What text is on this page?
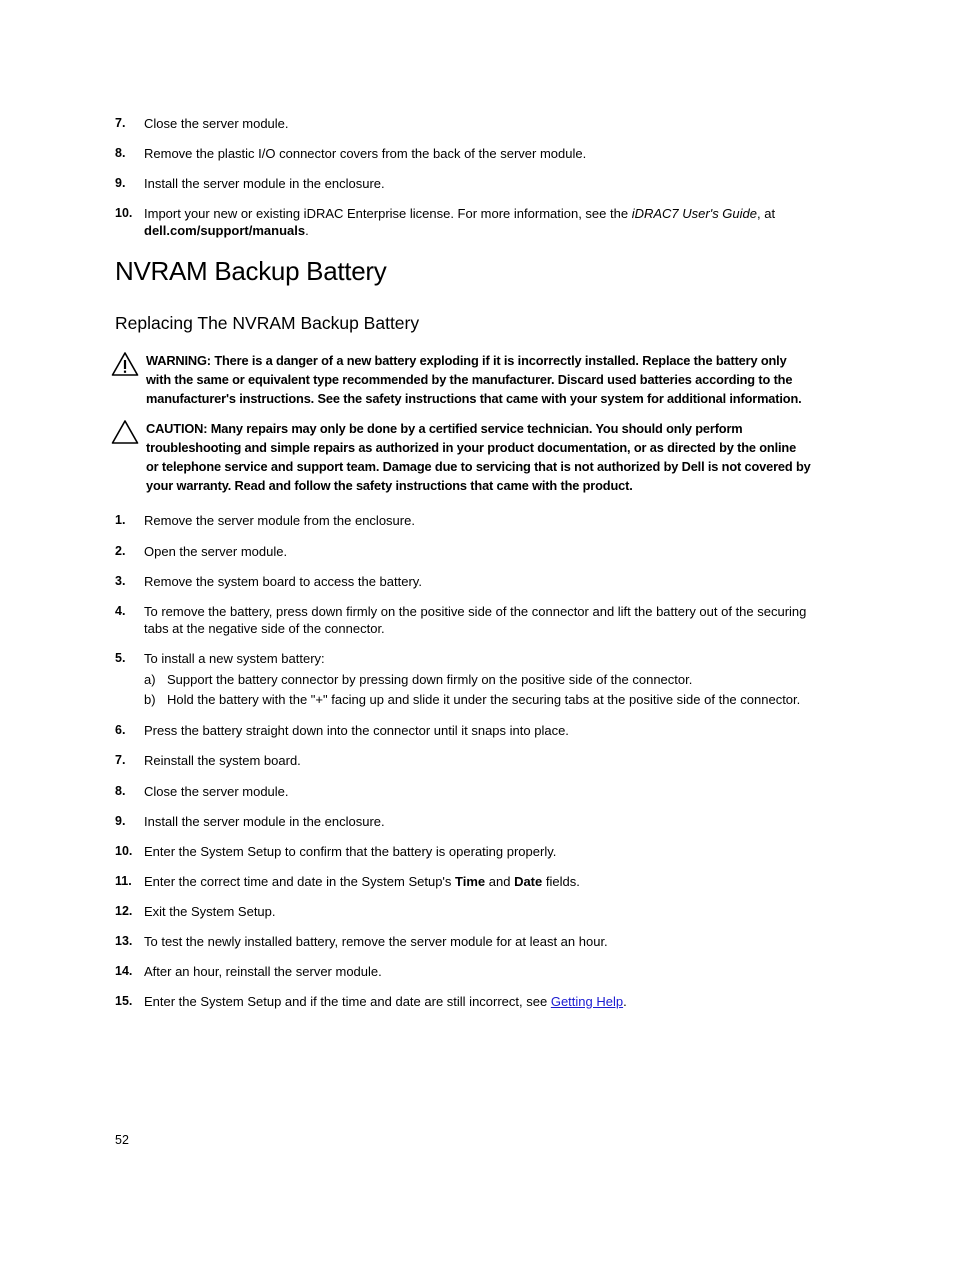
7. Close the server module.
8. Remove the plastic I/O connector covers from the back of the server module.
9. Install the server module in the enclosure.
10. Import your new or existing iDRAC Enterprise license. For more information, see the iDRAC7 User's Guide, at dell.com/support/manuals.
NVRAM Backup Battery
Replacing The NVRAM Backup Battery
WARNING: There is a danger of a new battery exploding if it is incorrectly installed. Replace the battery only with the same or equivalent type recommended by the manufacturer. Discard used batteries according to the manufacturer's instructions. See the safety instructions that came with your system for additional information.
CAUTION: Many repairs may only be done by a certified service technician. You should only perform troubleshooting and simple repairs as authorized in your product documentation, or as directed by the online or telephone service and support team. Damage due to servicing that is not authorized by Dell is not covered by your warranty. Read and follow the safety instructions that came with the product.
1. Remove the server module from the enclosure.
2. Open the server module.
3. Remove the system board to access the battery.
4. To remove the battery, press down firmly on the positive side of the connector and lift the battery out of the securing tabs at the negative side of the connector.
5. To install a new system battery:
a) Support the battery connector by pressing down firmly on the positive side of the connector.
b) Hold the battery with the "+" facing up and slide it under the securing tabs at the positive side of the connector.
6. Press the battery straight down into the connector until it snaps into place.
7. Reinstall the system board.
8. Close the server module.
9. Install the server module in the enclosure.
10. Enter the System Setup to confirm that the battery is operating properly.
11. Enter the correct time and date in the System Setup's Time and Date fields.
12. Exit the System Setup.
13. To test the newly installed battery, remove the server module for at least an hour.
14. After an hour, reinstall the server module.
15. Enter the System Setup and if the time and date are still incorrect, see Getting Help.
52
